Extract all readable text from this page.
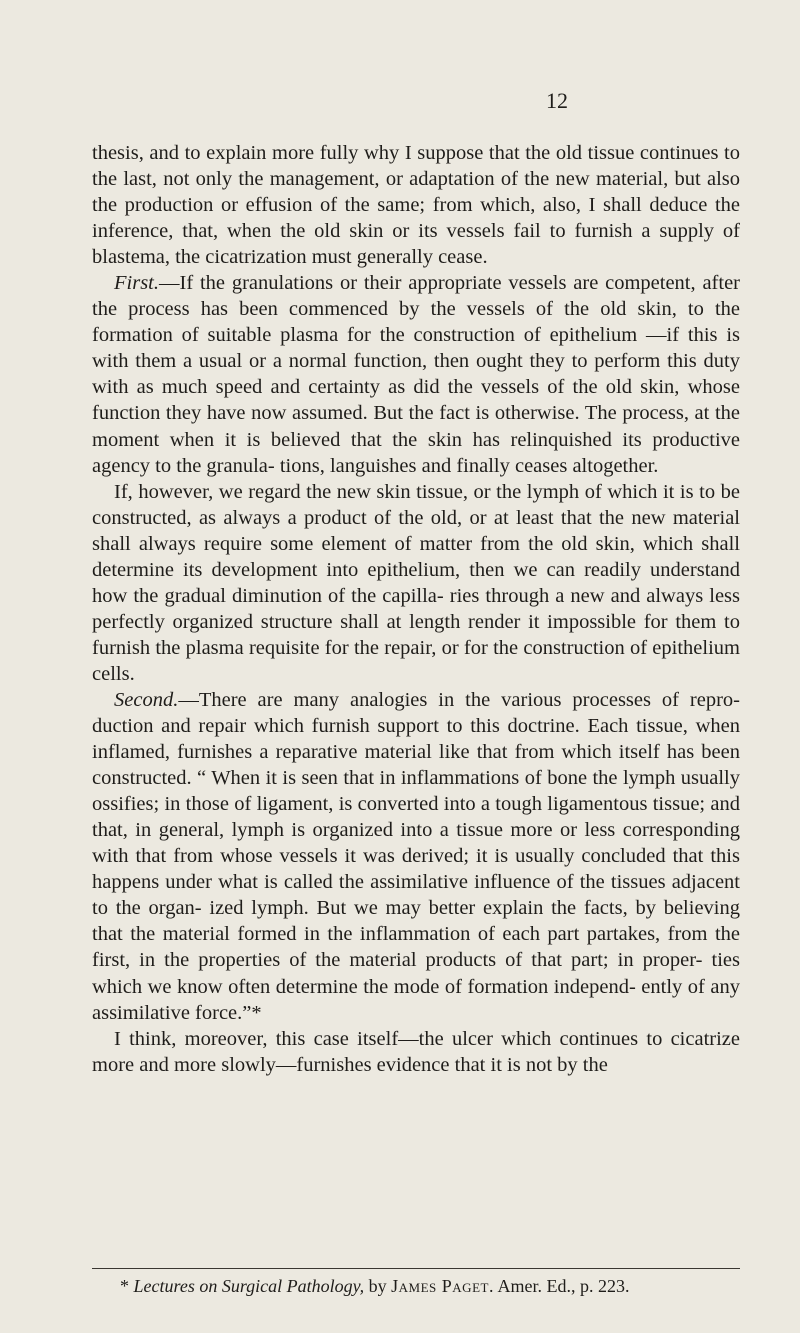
12

thesis, and to explain more fully why I suppose that the old tissue continues to the last, not only the management, or adaptation of the new material, but also the production or effusion of the same; from which, also, I shall deduce the inference, that, when the old skin or its vessels fail to furnish a supply of blastema, the cicatrization must generally cease.

First.—If the granulations or their appropriate vessels are competent, after the process has been commenced by the vessels of the old skin, to the formation of suitable plasma for the construction of epithelium —if this is with them a usual or a normal function, then ought they to perform this duty with as much speed and certainty as did the vessels of the old skin, whose function they have now assumed. But the fact is otherwise. The process, at the moment when it is believed that the skin has relinquished its productive agency to the granula- tions, languishes and finally ceases altogether.

If, however, we regard the new skin tissue, or the lymph of which it is to be constructed, as always a product of the old, or at least that the new material shall always require some element of matter from the old skin, which shall determine its development into epithelium, then we can readily understand how the gradual diminution of the capilla- ries through a new and always less perfectly organized structure shall at length render it impossible for them to furnish the plasma requisite for the repair, or for the construction of epithelium cells.

Second.—There are many analogies in the various processes of repro- duction and repair which furnish support to this doctrine. Each tissue, when inflamed, furnishes a reparative material like that from which itself has been constructed. “ When it is seen that in inflammations of bone the lymph usually ossifies; in those of ligament, is converted into a tough ligamentous tissue; and that, in general, lymph is organized into a tissue more or less corresponding with that from whose vessels it was derived; it is usually concluded that this happens under what is called the assimilative influence of the tissues adjacent to the organ- ized lymph. But we may better explain the facts, by believing that the material formed in the inflammation of each part partakes, from the first, in the properties of the material products of that part; in proper- ties which we know often determine the mode of formation independ- ently of any assimilative force.”*

I think, moreover, this case itself—the ulcer which continues to cicatrize more and more slowly—furnishes evidence that it is not by the

* Lectures on Surgical Pathology, by James Paget. Amer. Ed., p. 223.
